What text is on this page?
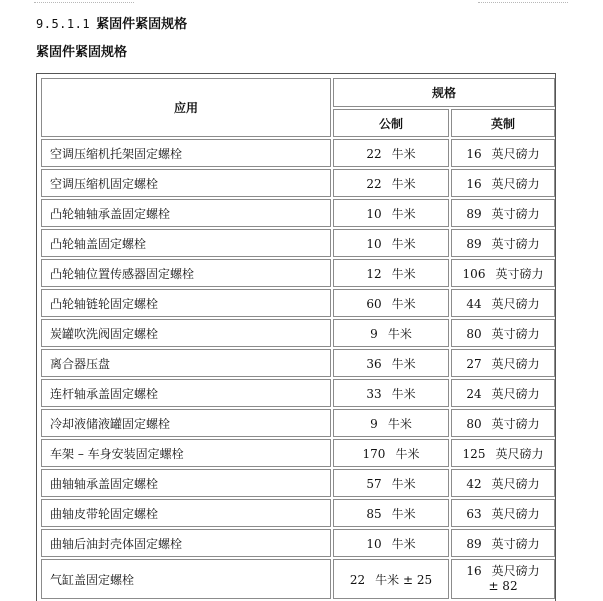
9.5.1.1 紧固件紧固规格
紧固件紧固规格
应用	规格	
	公制	英制
空调压缩机托架固定螺栓	22 牛米	16 英尺磅力
空调压缩机固定螺栓	22 牛米	16 英尺磅力
凸轮轴轴承盖固定螺栓	10 牛米	89 英寸磅力
凸轮轴盖固定螺栓	10 牛米	89 英寸磅力
凸轮轴位置传感器固定螺栓	12 牛米	106 英寸磅力
凸轮轴链轮固定螺栓	60 牛米	44 英尺磅力
炭罐吹洗阀固定螺栓	9 牛米	80 英寸磅力
离合器压盘	36 牛米	27 英尺磅力
连杆轴承盖固定螺栓	33 牛米	24 英尺磅力
冷却液储液罐固定螺栓	9 牛米	80 英寸磅力
车架 – 车身安装固定螺栓	170 牛米	125 英尺磅力
曲轴轴承盖固定螺栓	57 牛米	42 英尺磅力
曲轴皮带轮固定螺栓	85 牛米	63 英尺磅力
曲轴后油封壳体固定螺栓	10 牛米	89 英寸磅力
气缸盖固定螺栓	22 牛米 ± 25	16 英尺磅力 ± 82
